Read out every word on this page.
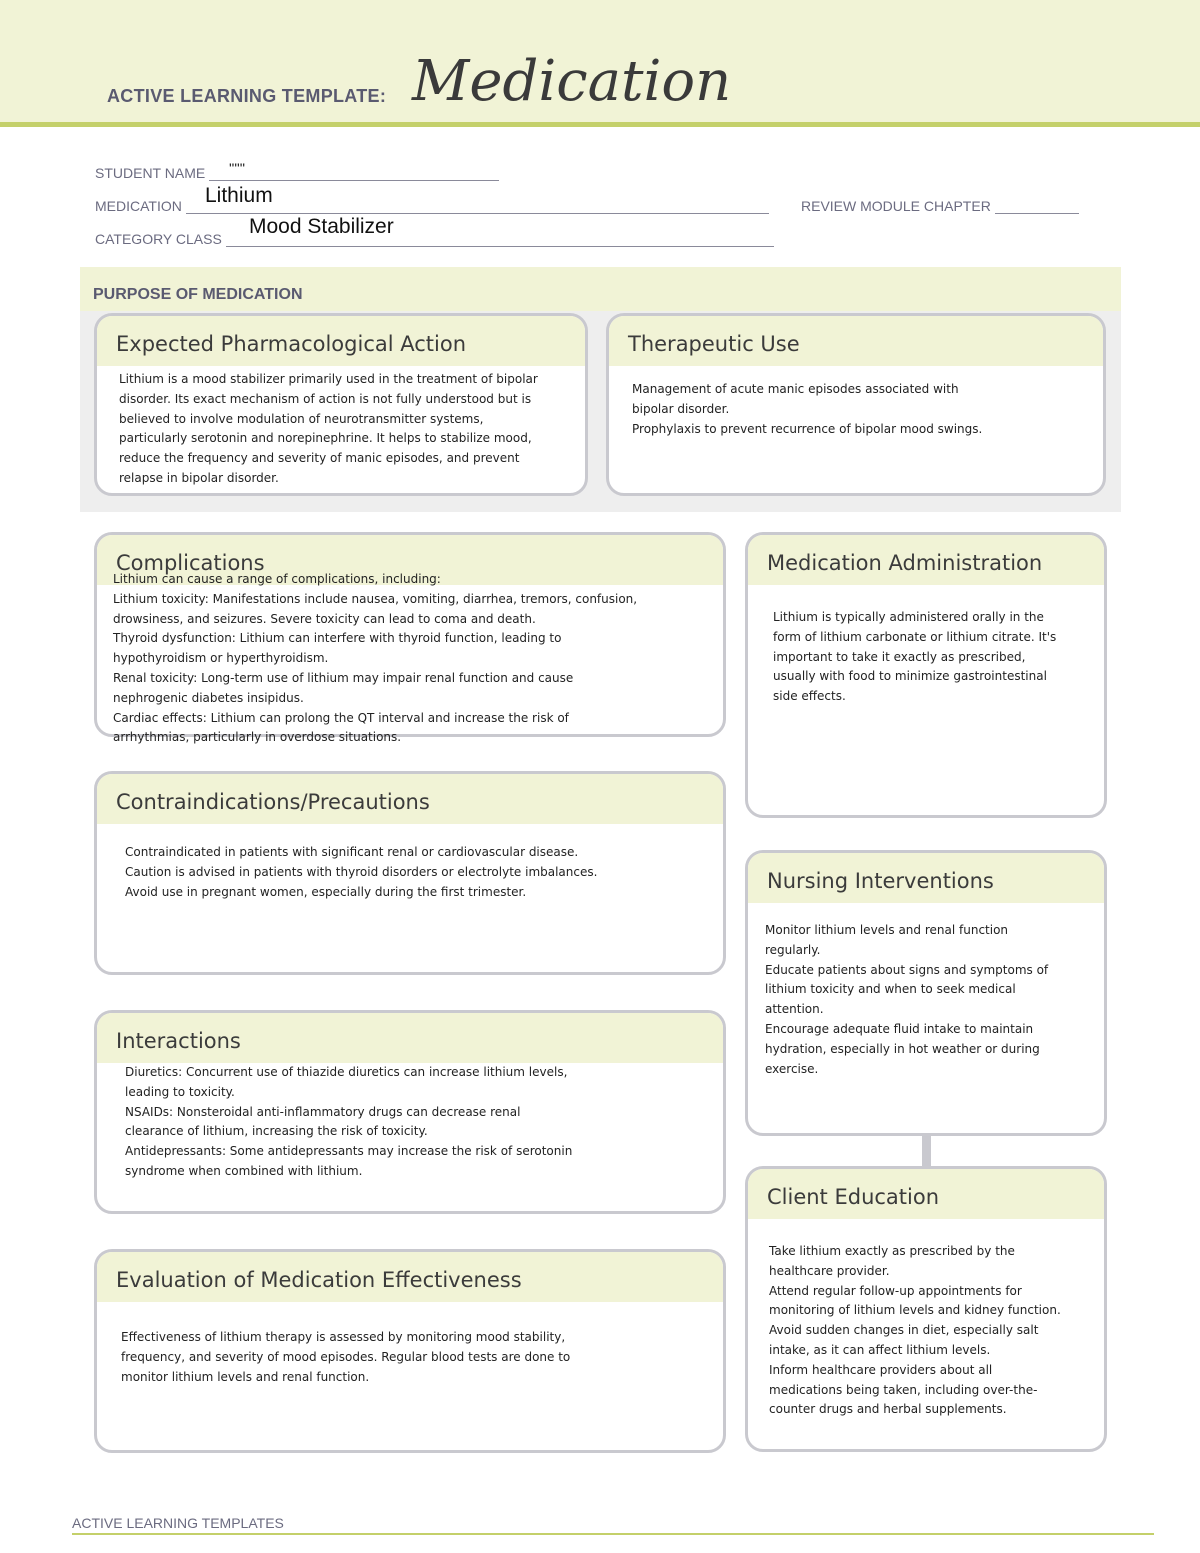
ACTIVE LEARNING TEMPLATE: Medication
STUDENT NAME	''''''
MEDICATION	Lithium	REVIEW MODULE CHAPTER
CATEGORY CLASS
Mood Stabilizer
PURPOSE OF MEDICATION
Expected Pharmacological Action
Lithium is a mood stabilizer primarily used in the treatment of bipolar
disorder. Its exact mechanism of action is not fully understood but is
believed to involve modulation of neurotransmitter systems,
particularly serotonin and norepinephrine. It helps to stabilize mood,
reduce the frequency and severity of manic episodes, and prevent
relapse in bipolar disorder.
Therapeutic Use
Management of acute manic episodes associated with
bipolar disorder.
Prophylaxis to prevent recurrence of bipolar mood swings.
Complications
Lithium can cause a range of complications, including:
Lithium toxicity: Manifestations include nausea, vomiting, diarrhea, tremors, confusion,
drowsiness, and seizures. Severe toxicity can lead to coma and death.
Thyroid dysfunction: Lithium can interfere with thyroid function, leading to
hypothyroidism or hyperthyroidism.
Renal toxicity: Long-term use of lithium may impair renal function and cause
nephrogenic diabetes insipidus.
Cardiac effects: Lithium can prolong the QT interval and increase the risk of
arrhythmias, particularly in overdose situations.
Medication Administration
Lithium is typically administered orally in the
form of lithium carbonate or lithium citrate. It's
important to take it exactly as prescribed,
usually with food to minimize gastrointestinal
side effects.
Contraindications/Precautions
Contraindicated in patients with significant renal or cardiovascular disease.
Caution is advised in patients with thyroid disorders or electrolyte imbalances.
Avoid use in pregnant women, especially during the first trimester.	Nursing Interventions
Monitor lithium levels and renal function
regularly.
Educate patients about signs and symptoms of
lithium toxicity and when to seek medical
attention.
Encourage adequate fluid intake to maintain
hydration, especially in hot weather or during
exercise.
Interactions
Diuretics: Concurrent use of thiazide diuretics can increase lithium levels,
leading to toxicity.
NSAIDs: Nonsteroidal anti-inflammatory drugs can decrease renal
clearance of lithium, increasing the risk of toxicity.
Antidepressants: Some antidepressants may increase the risk of serotonin
syndrome when combined with lithium.
Client Education
Take lithium exactly as prescribed by the
healthcare provider.
Attend regular follow-up appointments for
monitoring of lithium levels and kidney function.
Avoid sudden changes in diet, especially salt
intake, as it can affect lithium levels.
Inform healthcare providers about all
medications being taken, including over-the-
counter drugs and herbal supplements.
Evaluation of Medication Effectiveness
Effectiveness of lithium therapy is assessed by monitoring mood stability,
frequency, and severity of mood episodes. Regular blood tests are done to
monitor lithium levels and renal function.
ACTIVE LEARNING TEMPLATES
